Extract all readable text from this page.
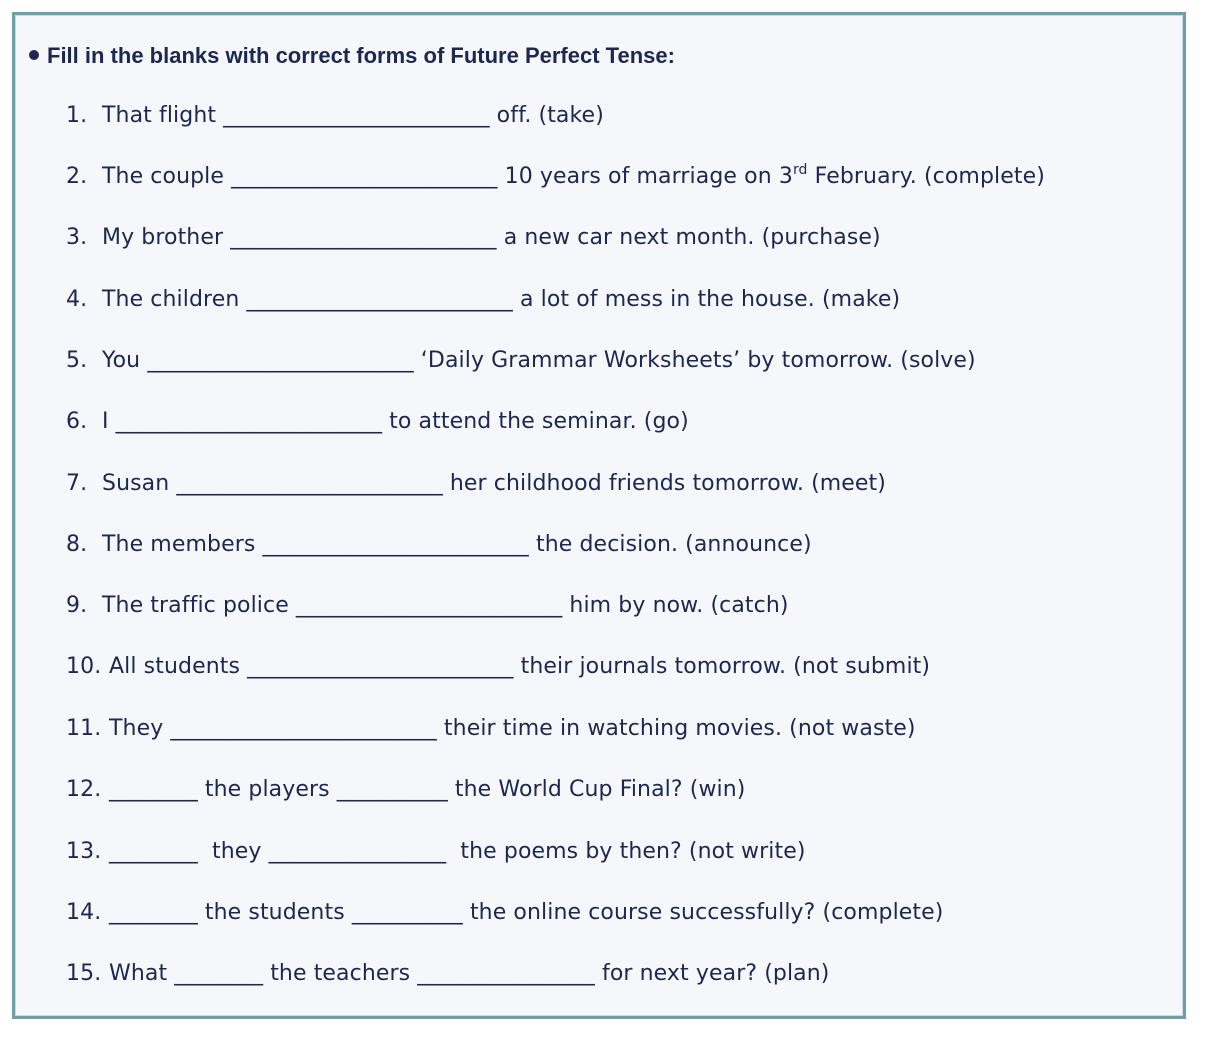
Fill in the blanks with correct forms of Future Perfect Tense:
1. That flight ________________________ off. (take)
2. The couple ________________________ 10 years of marriage on 3rd February. (complete)
3. My brother ________________________ a new car next month. (purchase)
4. The children ________________________ a lot of mess in the house. (make)
5. You ________________________ ‘Daily Grammar Worksheets’ by tomorrow. (solve)
6. I ________________________ to attend the seminar. (go)
7. Susan ________________________ her childhood friends tomorrow. (meet)
8. The members ________________________ the decision. (announce)
9. The traffic police ________________________ him by now. (catch)
10. All students ________________________ their journals tomorrow. (not submit)
11. They ________________________ their time in watching movies. (not waste)
12. ________ the players __________ the World Cup Final? (win)
13. ________  they ________________  the poems by then? (not write)
14. ________ the students __________ the online course successfully? (complete)
15. What ________ the teachers ________________ for next year? (plan)
